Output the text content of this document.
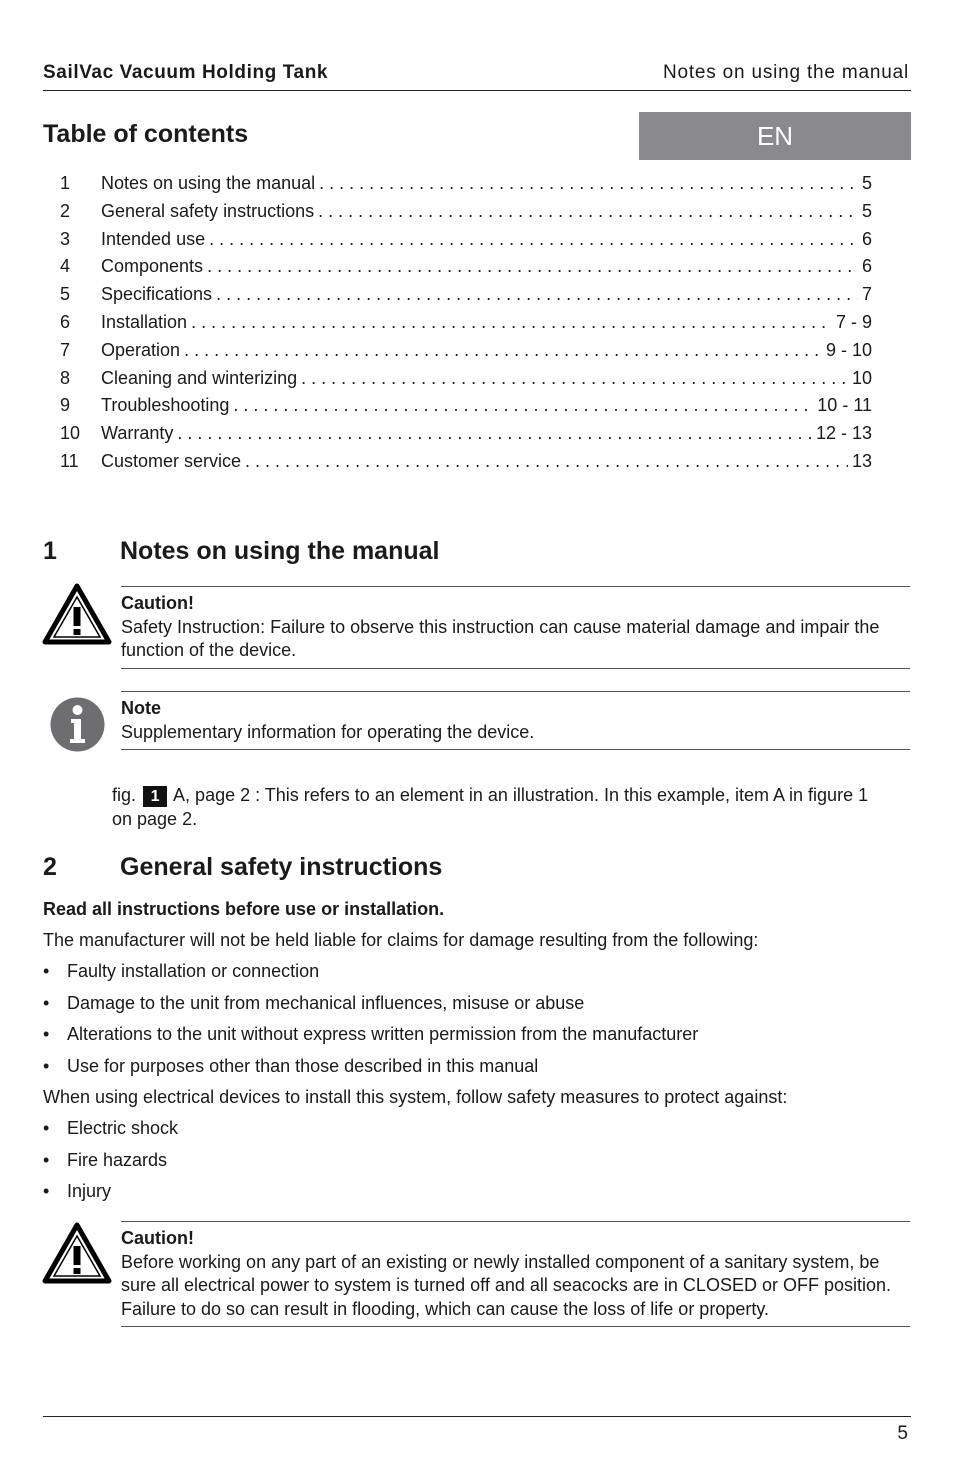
SailVac Vacuum Holding Tank	Notes on using the manual
Table of contents	EN
1	Notes on using the manual . . .	5
2	General safety instructions . . .	5
3	Intended use . . .	6
4	Components . . .	6
5	Specifications . . .	7
6	Installation . . .	7 - 9
7	Operation . . .	9 - 10
8	Cleaning and winterizing . . .	10
9	Troubleshooting . . .	10 - 11
10	Warranty . . .	12 - 13
11	Customer service . . .	13
1	Notes on using the manual
Caution!
Safety Instruction: Failure to observe this instruction can cause material damage and impair the function of the device.
Note
Supplementary information for operating the device.
fig. 1 A, page 2 : This refers to an element in an illustration. In this example, item A in figure 1 on page 2.
2	General safety instructions
Read all instructions before use or installation.
The manufacturer will not be held liable for claims for damage resulting from the following:
• Faulty installation or connection
• Damage to the unit from mechanical influences, misuse or abuse
• Alterations to the unit without express written permission from the manufacturer
• Use for purposes other than those described in this manual
When using electrical devices to install this system, follow safety measures to protect against:
• Electric shock
• Fire hazards
• Injury
Caution!
Before working on any part of an existing or newly installed component of a sanitary system, be sure all electrical power to system is turned off and all seacocks are in CLOSED or OFF position. Failure to do so can result in flooding, which can cause the loss of life or property.
5
